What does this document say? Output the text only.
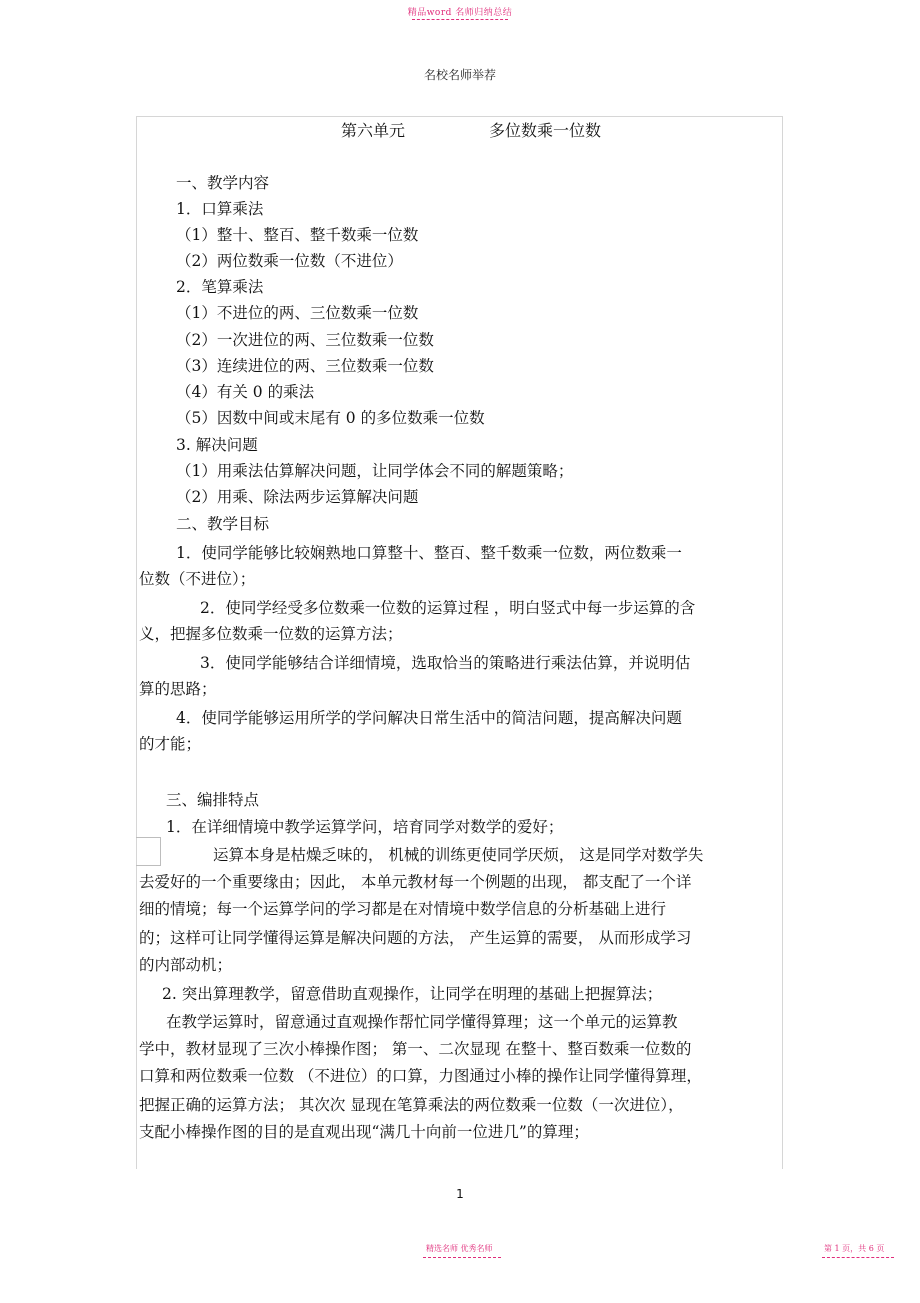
精品word 名师归纳总结
名校名师举荐
第六单元	多位数乘一位数
一、教学内容
1．口算乘法
（1）整十、整百、整千数乘一位数
（2）两位数乘一位数（不进位）
2．笔算乘法
（1）不进位的两、三位数乘一位数
（2）一次进位的两、三位数乘一位数
（3）连续进位的两、三位数乘一位数
（4）有关 0 的乘法
（5）因数中间或末尾有 0 的多位数乘一位数
3. 解决问题
（1）用乘法估算解决问题，让同学体会不同的解题策略；
（2）用乘、除法两步运算解决问题
二、教学目标
1．使同学能够比较娴熟地口算整十、整百、整千数乘一位数，两位数乘一
位数（不进位）；
2．使同学经受多位数乘一位数的运算过程 ，明白竖式中每一步运算的含
义，把握多位数乘一位数的运算方法；
3．使同学能够结合详细情境，选取恰当的策略进行乘法估算，并说明估
算的思路；
4．使同学能够运用所学的学问解决日常生活中的简洁问题，提高解决问题
的才能；
三、编排特点
1．在详细情境中教学运算学问，培育同学对数学的爱好；
运算本身是枯燥乏味的， 机械的训练更使同学厌烦， 这是同学对数学失
去爱好的一个重要缘由；因此， 本单元教材每一个例题的出现， 都支配了一个详
细的情境；每一个运算学问的学习都是在对情境中数学信息的分析基础上进行
的；这样可让同学懂得运算是解决问题的方法， 产生运算的需要， 从而形成学习
的内部动机；
2. 突出算理教学，留意借助直观操作，让同学在明理的基础上把握算法；
在教学运算时，留意通过直观操作帮忙同学懂得算理；这一个单元的运算教
学中，教材显现了三次小棒操作图； 第一、二次显现 在整十、整百数乘一位数的
口算和两位数乘一位数 （不进位）的口算，力图通过小棒的操作让同学懂得算理，
把握正确的运算方法； 其次次 显现在笔算乘法的两位数乘一位数（一次进位），
支配小棒操作图的目的是直观出现“满几十向前一位进几”的算理；
1
精选名师 优秀名师	第 1 页，共 6 页
